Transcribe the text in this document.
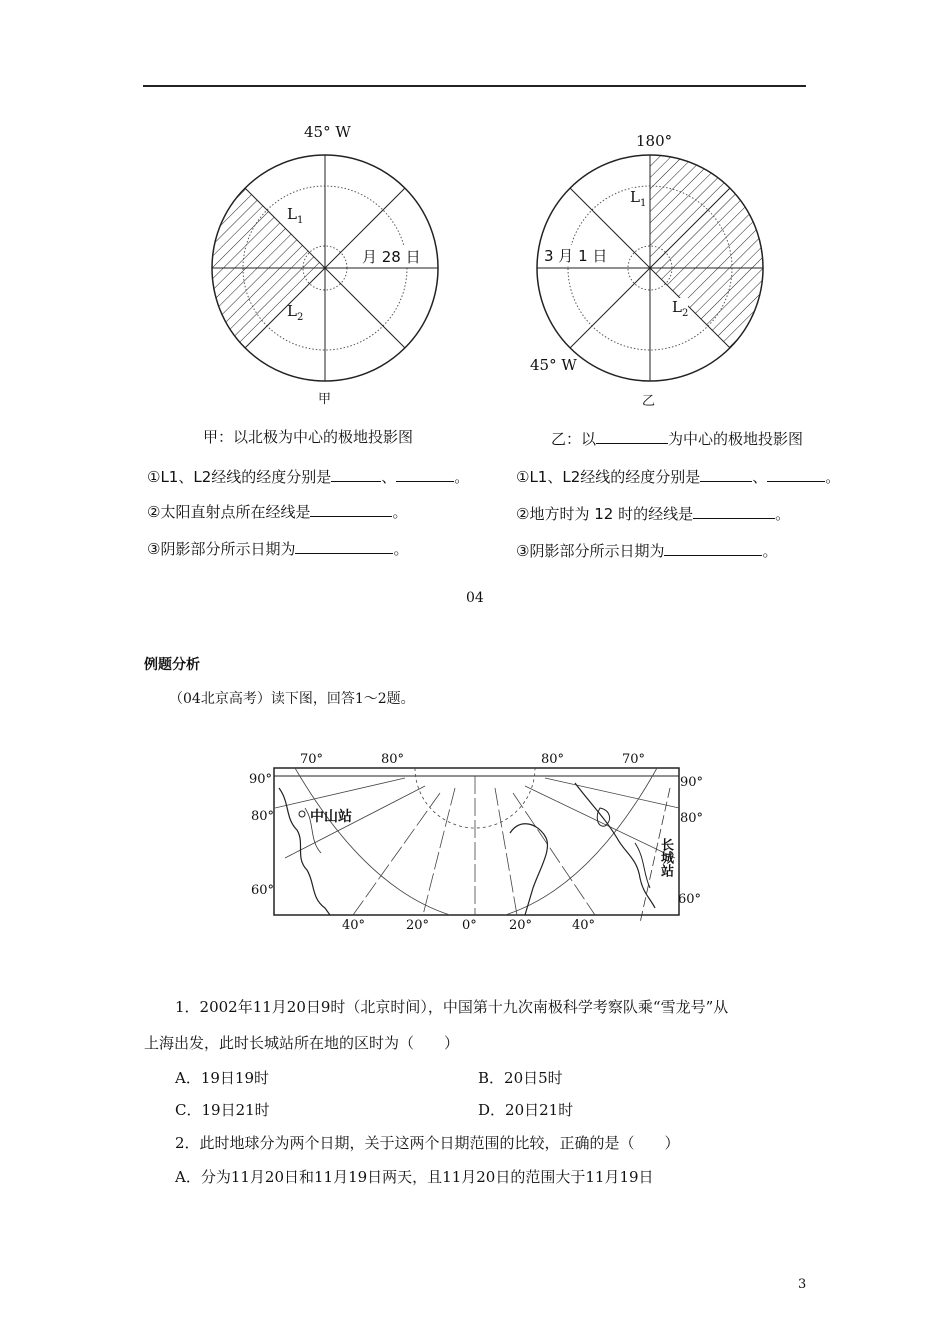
45° W
$L_1$
$L_2$
月 28 日
甲
180°
$L_1$
$L_2$
3 月 1 日
45° W
乙
甲：以北极为中心的极地投影图
①L1、L2经线的经度分别是	、	。
②太阳直射点所在经线是	。
③阴影部分所示日期为	。
乙：以	为中心的极地投影图
①L1、L2经线的经度分别是	、	。
②地方时为 12 时的经线是	。
③阴影部分所示日期为	。
04
例题分析
（04北京高考）读下图，回答1～2题。
70°	80°	80°	70°
90°
80°
60°
90°
80°
60°
40°	20°	0° 20°	40°
中山站
长城站
1．2002年11月20日9时（北京时间），中国第十九次南极科学考察队乘“雪龙号”从
上海出发，此时长城站所在地的区时为（　　）
A．19日19时	B．20日5时
C．19日21时	D．20日21时
2．此时地球分为两个日期，关于这两个日期范围的比较，正确的是（　　）
A．分为11月20日和11月19日两天，且11月20日的范围大于11月19日
3
